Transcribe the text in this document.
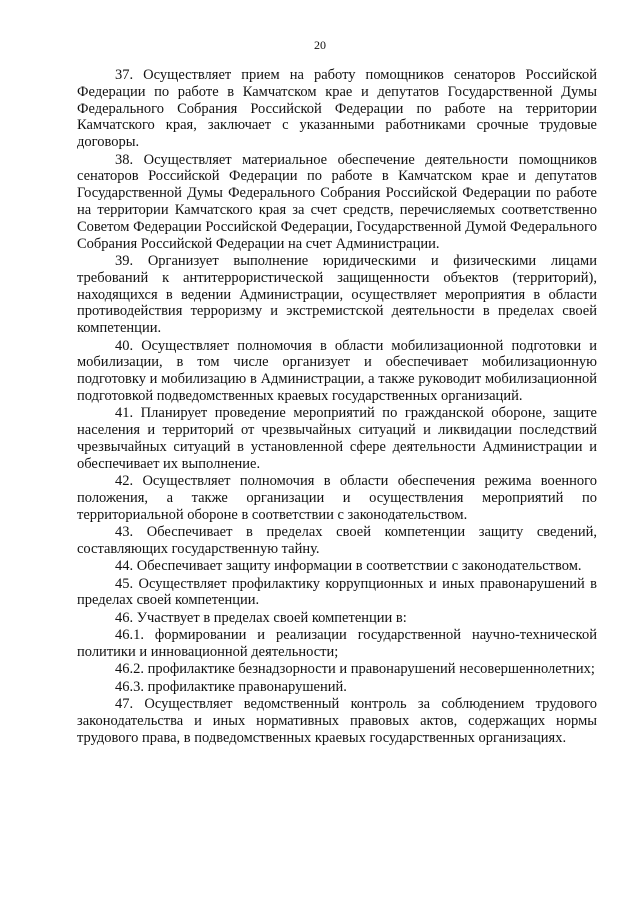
20

37. Осуществляет прием на работу помощников сенаторов Российской Федерации по работе в Камчатском крае и депутатов Государственной Думы Федерального Собрания Российской Федерации по работе на территории Камчатского края, заключает с указанными работниками срочные трудовые договоры.

38. Осуществляет материальное обеспечение деятельности помощников сенаторов Российской Федерации по работе в Камчатском крае и депутатов Государственной Думы Федерального Собрания Российской Федерации по работе на территории Камчатского края за счет средств, перечисляемых соответственно Советом Федерации Российской Федерации, Государственной Думой Федерального Собрания Российской Федерации на счет Администрации.

39. Организует выполнение юридическими и физическими лицами требований к антитеррористической защищенности объектов (территорий), находящихся в ведении Администрации, осуществляет мероприятия в области противодействия терроризму и экстремистской деятельности в пределах своей компетенции.

40. Осуществляет полномочия в области мобилизационной подготовки и мобилизации, в том числе организует и обеспечивает мобилизационную подготовку и мобилизацию в Администрации, а также руководит мобилизационной подготовкой подведомственных краевых государственных организаций.

41. Планирует проведение мероприятий по гражданской обороне, защите населения и территорий от чрезвычайных ситуаций и ликвидации последствий чрезвычайных ситуаций в установленной сфере деятельности Администрации и обеспечивает их выполнение.

42. Осуществляет полномочия в области обеспечения режима военного положения, а также организации и осуществления мероприятий по территориальной обороне в соответствии с законодательством.

43. Обеспечивает в пределах своей компетенции защиту сведений, составляющих государственную тайну.

44. Обеспечивает защиту информации в соответствии с законодательством.

45. Осуществляет профилактику коррупционных и иных правонарушений в пределах своей компетенции.

46. Участвует в пределах своей компетенции в:

46.1. формировании и реализации государственной научно-технической политики и инновационной деятельности;

46.2. профилактике безнадзорности и правонарушений несовершеннолетних;

46.3. профилактике правонарушений.

47. Осуществляет ведомственный контроль за соблюдением трудового законодательства и иных нормативных правовых актов, содержащих нормы трудового права, в подведомственных краевых государственных организациях.
